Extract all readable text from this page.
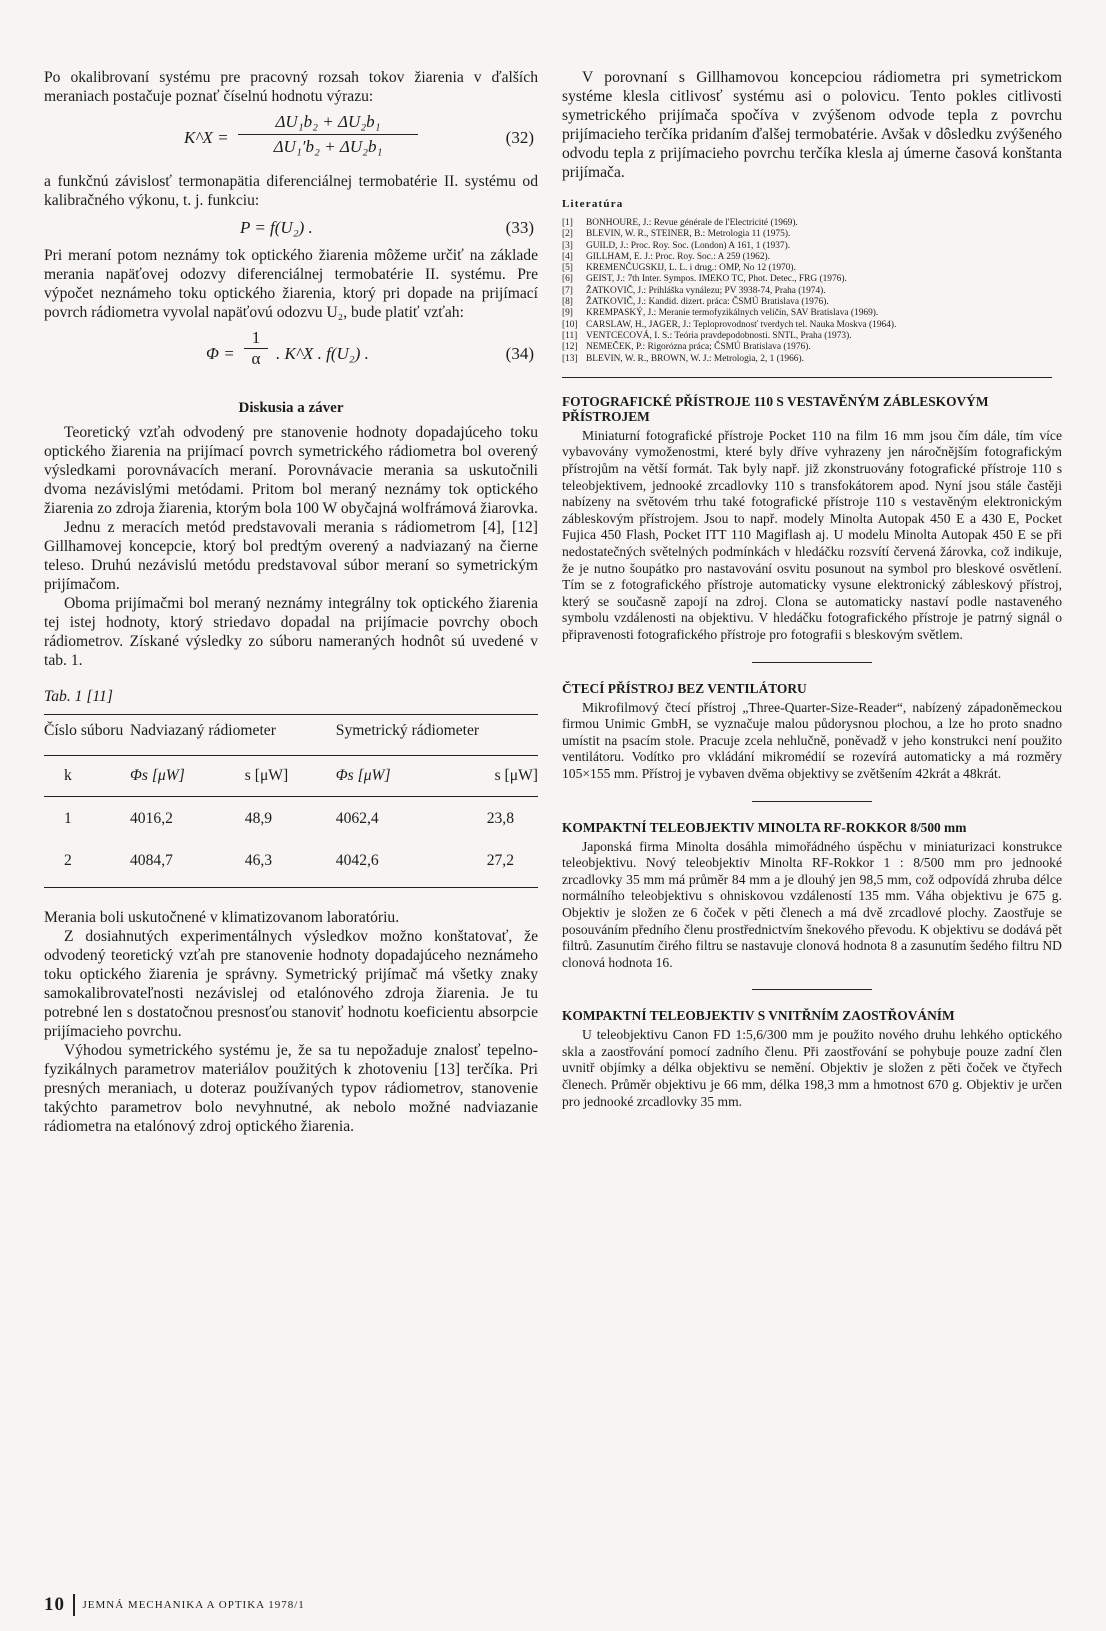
Po okalibrovaní systému pre pracovný rozsah tokov žiarenia v ďalších meraniach postačuje poznať číselnú hodnotu výrazu:

K^X = $\frac{\text{ΔU₁b₂ + ΔU₂b₁}}{\text{ΔU₁′b₂ + ΔU₂b₁}}$	(32)

a funkčnú závislosť termonapätia diferenciálnej termobatérie II. systému od kalibračného výkonu, t. j. funkciu:

P = f(U₂) .	(33)

Pri meraní potom neznámy tok optického žiarenia môžeme určiť na základe merania napäťovej odozvy diferenciálnej termobatérie II. systému. Pre výpočet neznámeho toku optického žiarenia, ktorý pri dopade na prijímací povrch rádiometra vyvolal napäťovú odozvu U₂, bude platiť vzťah:

$\Phi = \frac{1}{\alpha}$ . K^X . f(U₂) .	(34)
Diskusia a záver

Teoretický vzťah odvodený pre stanovenie hodnoty dopadajúceho toku optického žiarenia na prijímací povrch symetrického rádiometra bol overený výsledkami porovnávacích meraní. Porovnávacie merania sa uskutočnili dvoma nezávislými metódami. Pritom bol meraný neznámy tok optického žiarenia zo zdroja žiarenia, ktorým bola 100 W obyčajná wolfrámová žiarovka.

Jednu z meracích metód predstavovali merania s rádiometrom [4], [12] Gillhamovej koncepcie, ktorý bol predtým overený a nadviazaný na čierne teleso. Druhú nezávislú metódu predstavoval súbor meraní so symetrickým prijímačom.

Oboma prijímačmi bol meraný neznámy integrálny tok optického žiarenia tej istej hodnoty, ktorý striedavo dopadal na prijímacie povrchy oboch rádiometrov. Získané výsledky zo súboru nameraných hodnôt sú uvedené v tab. 1.

Tab. 1 [11]
Číslo súboru	Nadviazaný rádiometer		Symetrický rádiometer	

k	Φs [μW]	s [μW]	Φs [μW]	s [μW]
1	4016,2	48,9	4062,4	23,8
2	4084,7	46,3	4042,6	27,2

Merania boli uskutočnené v klimatizovanom laboratóriu.

Z dosiahnutých experimentálnych výsledkov možno konštatovať, že odvodený teoretický vzťah pre stanovenie hodnoty dopadajúceho neznámeho toku optického žiarenia je správny. Symetrický prijímač má všetky znaky samokalibrovateľnosti nezávislej od etalónového zdroja žiarenia. Je tu potrebné len s dostatočnou presnosťou stanoviť hodnotu koeficientu absorpcie prijímacieho povrchu.

Výhodou symetrického systému je, že sa tu nepožaduje znalosť tepelno-fyzikálnych parametrov materiálov použitých k zhotoveniu [13] terčíka. Pri presných meraniach, u doteraz používaných typov rádiometrov, stanovenie takýchto parametrov bolo nevyhnutné, ak nebolo možné nadviazanie rádiometra na etalónový zdroj optického žiarenia.

V porovnaní s Gillhamovou koncepciou rádiometra pri symetrickom systéme klesla citlivosť systému asi o polovicu. Tento pokles citlivosti symetrického prijímača spočíva v zvýšenom odvode tepla z povrchu prijímacieho terčíka pridaním ďalšej termobatérie. Avšak v dôsledku zvýšeného odvodu tepla z prijímacieho povrchu terčíka klesla aj úmerne časová konštanta prijímača.

Literatúra
[1]	BONHOURE, J.: Revue générale de l'Electricité (1969).
[2]	BLEVIN, W. R., STEINER, B.: Metrologia 11 (1975).
[3]	GUILD, J.: Proc. Roy. Soc. (London) A 161, 1 (1937).
[4]	GILLHAM, E. J.: Proc. Roy. Soc.: A 259 (1962).
[5]	KREMENČUGSKIJ, L. L. i drug.: OMP, No 12 (1970).
[6]	GEIST, J.: 7th Inter. Sympos. IMEKO TC, Phot. Detec., FRG (1976).
[7]	ŽATKOVIČ, J.: Prihláška vynálezu; PV 3938-74, Praha (1974).
[8]	ŽATKOVIČ, J.: Kandid. dizert. práca: ČSMÚ Bratislava (1976).
[9]	KREMPASKÝ, J.: Meranie termofyzikálnych veličín, SAV Bratislava (1969).
[10] CARSLAW, H., JAGER, J.: Teploprovodnosť tverdych tel. Nauka Moskva (1964).
[11] VENTCECOVÁ, I. S.: Teória pravdepodobnosti. SNTL, Praha (1973).
[12] NEMEČEK, P.: Rigorózna práca; ČSMÚ Bratislava (1976).
[13] BLEVIN, W. R., BROWN, W. J.: Metrologia, 2, 1 (1966).
FOTOGRAFICKÉ PŘÍSTROJE 110 S VESTAVĚNÝM ZÁBLESKOVÝM PŘÍSTROJEM

Miniaturní fotografické přístroje Pocket 110 na film 16 mm jsou čím dále, tím více vybavovány vymoženostmi, které byly dříve vyhrazeny jen náročnějším fotografickým přístrojům na větší formát. Tak byly např. již zkonstruovány fotografické přístroje 110 s teleobjektivem, jednooké zrcadlovky 110 s transfokátorem apod. Nyní jsou stále častěji nabízeny na světovém trhu také fotografické přístroje 110 s vestavěným elektronickým zábleskovým přístrojem. Jsou to např. modely Minolta Autopak 450 E a 430 E, Pocket Fujica 450 Flash, Pocket ITT 110 Magiflash aj. U modelu Minolta Autopak 450 E se při nedostatečných světelných podmínkách v hledáčku rozsvítí červená žárovka, což indikuje, že je nutno šoupátko pro nastavování osvitu posunout na symbol pro bleskové osvětlení. Tím se z fotografického přístroje automaticky vysune elektronický zábleskový přístroj, který se současně zapojí na zdroj. Clona se automaticky nastaví podle nastaveného symbolu vzdálenosti na objektivu. V hledáčku fotografického přístroje je patrný signál o připravenosti fotografického přístroje pro fotografii s bleskovým světlem.

ČTECÍ PŘÍSTROJ BEZ VENTILÁTORU

Mikrofilmový čtecí přístroj „Three-Quarter-Size-Reader“, nabízený západoněmeckou firmou Unimic GmbH, se vyznačuje malou půdorysnou plochou, a lze ho proto snadno umístit na psacím stole. Pracuje zcela nehlučně, poněvadž v jeho konstrukci není použito ventilátoru. Vodítko pro vkládání mikromédií se rozevírá automaticky a má rozměry 105×155 mm. Přístroj je vybaven dvěma objektivy se zvětšením 42krát a 48krát.

KOMPAKTNÍ TELEOBJEKTIV MINOLTA RF-ROKKOR 8/500 mm

Japonská firma Minolta dosáhla mimořádného úspěchu v miniaturizaci konstrukce teleobjektivu. Nový teleobjektiv Minolta RF-Rokkor 1 : 8/500 mm pro jednooké zrcadlovky 35 mm má průměr 84 mm a je dlouhý jen 98,5 mm, což odpovídá zhruba délce normálního teleobjektivu s ohniskovou vzdáleností 135 mm. Váha objektivu je 675 g. Objektiv je složen ze 6 čoček v pěti členech a má dvě zrcadlové plochy. Zaostřuje se posouváním předního členu prostřednictvím šnekového převodu. K objektivu se dodává pět filtrů. Zasunutím čirého filtru se nastavuje clonová hodnota 8 a zasunutím šedého filtru ND clonová hodnota 16.

KOMPAKTNÍ TELEOBJEKTIV S VNITŘNÍM ZAOSTŘOVÁNÍM

U teleobjektivu Canon FD 1:5,6/300 mm je použito nového druhu lehkého optického skla a zaostřování pomocí zadního členu. Při zaostřování se pohybuje pouze zadní člen uvnitř objímky a délka objektivu se nemění. Objektiv je složen z pěti čoček ve čtyřech členech. Průměr objektivu je 66 mm, délka 198,3 mm a hmotnost 670 g. Objektiv je určen pro jednooké zrcadlovky 35 mm.

10 JEMNÁ MECHANIKA A OPTIKA 1978/1
